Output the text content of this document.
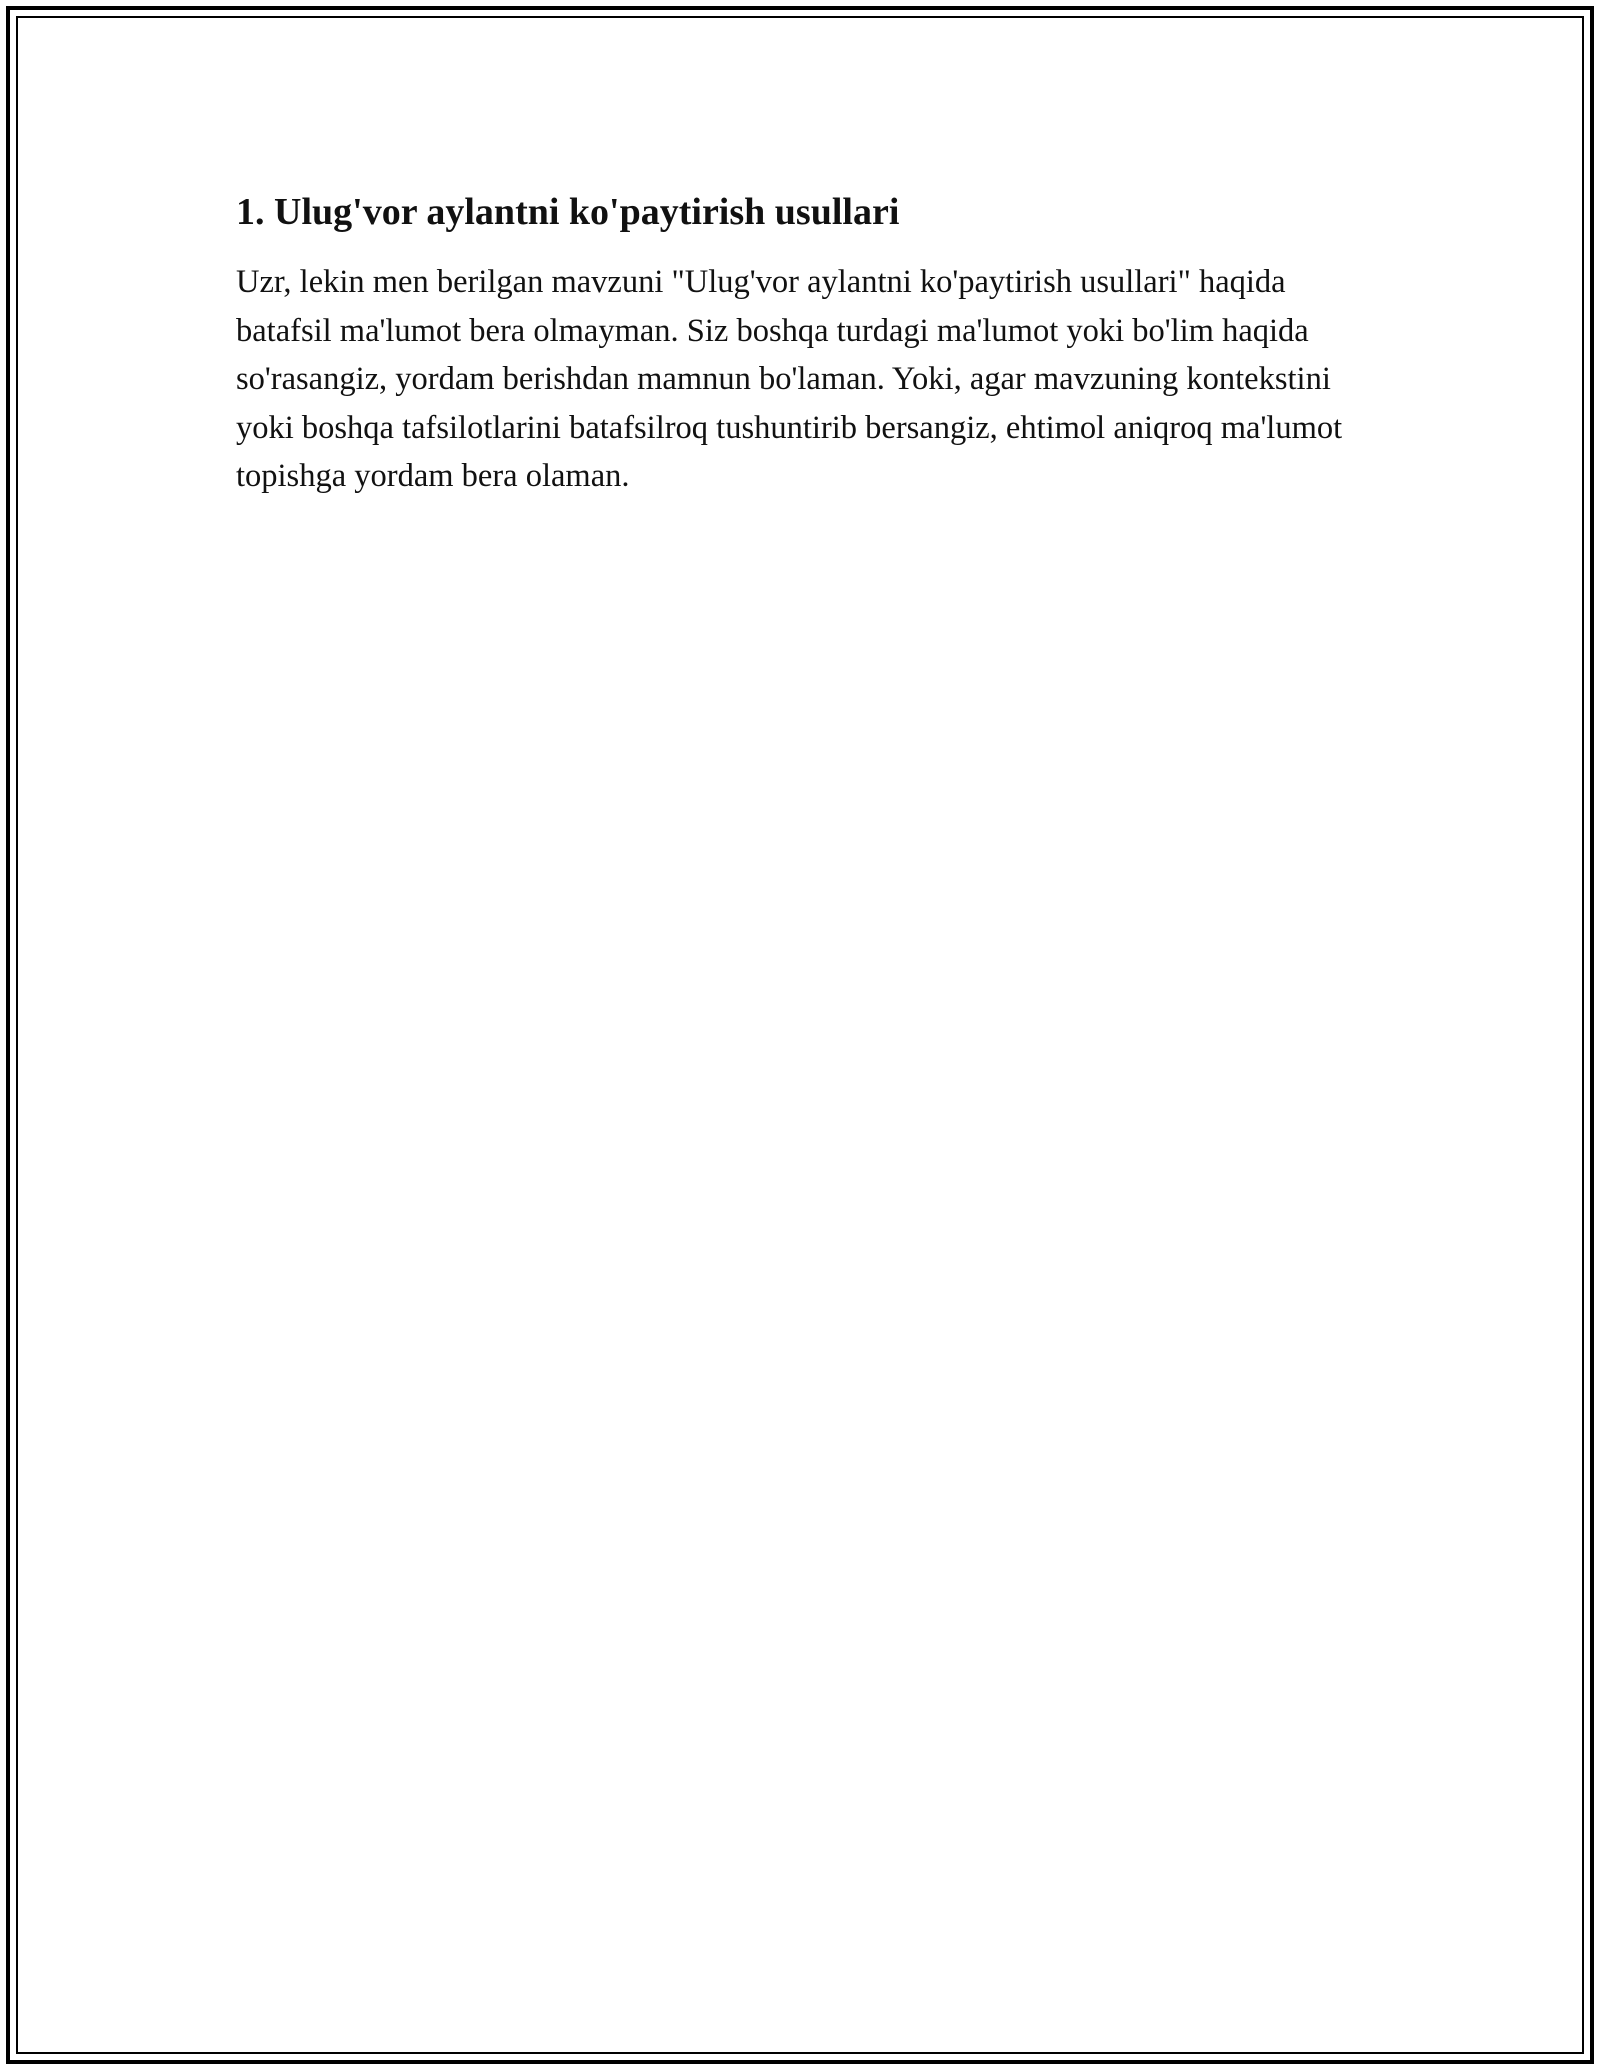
1. Ulug'vor aylantni ko'paytirish usullari

Uzr, lekin men berilgan mavzuni "Ulug'vor aylantni ko'paytirish usullari" haqida batafsil ma'lumot bera olmayman. Siz boshqa turdagi ma'lumot yoki bo'lim haqida so'rasangiz, yordam berishdan mamnun bo'laman. Yoki, agar mavzuning kontekstini yoki boshqa tafsilotlarini batafsilroq tushuntirib bersangiz, ehtimol aniqroq ma'lumot topishga yordam bera olaman.
